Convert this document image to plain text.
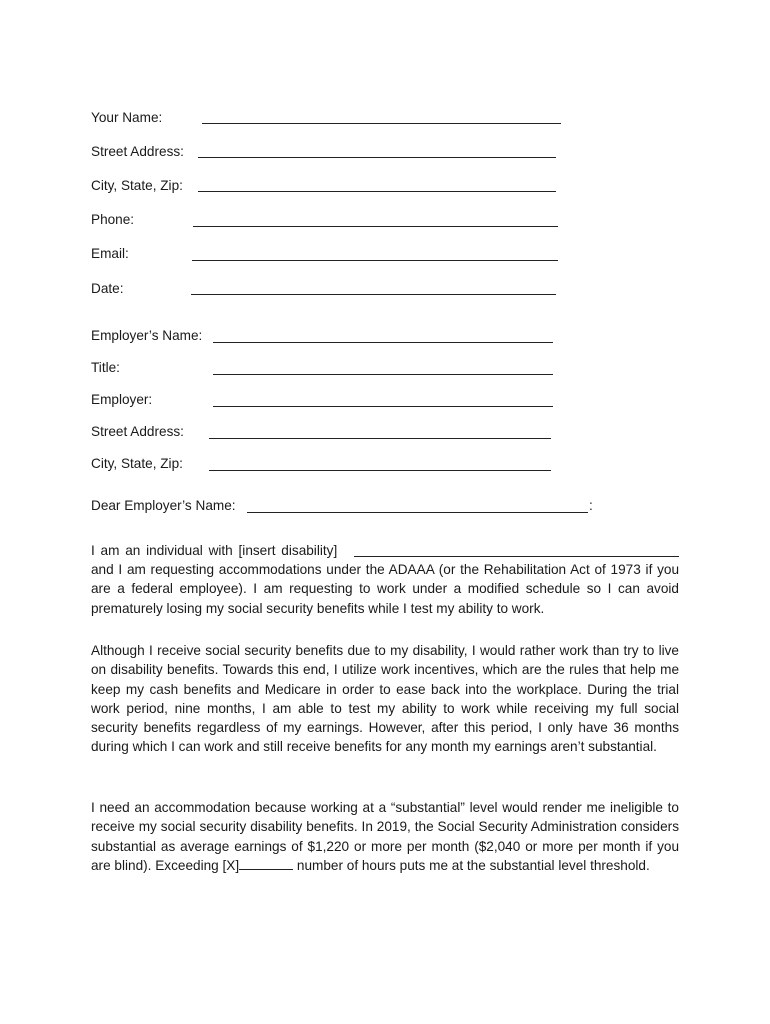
Your Name:
Street Address:
City, State, Zip:
Phone:
Email:
Date:
Employer’s Name:
Title:
Employer:
Street Address:
City, State, Zip:
Dear Employer’s Name:	:
I am an individual with [insert disability]

and I am requesting accommodations under the ADAAA (or the Rehabilitation Act of 1973 if you are a federal employee). I am requesting to work under a modified schedule so I can avoid prematurely losing my social security benefits while I test my ability to work.

Although I receive social security benefits due to my disability, I would rather work than try to live on disability benefits. Towards this end, I utilize work incentives, which are the rules that help me keep my cash benefits and Medicare in order to ease back into the workplace. During the trial work period, nine months, I am able to test my ability to work while receiving my full social security benefits regardless of my earnings. However, after this period, I only have 36 months during which I can work and still receive benefits for any month my earnings aren’t substantial.

I need an accommodation because working at a “substantial” level would render me ineligible to receive my social security disability benefits. In 2019, the Social Security Administration considers substantial as average earnings of $1,220 or more per month ($2,040 or more per month if you are blind). Exceeding [X]	number of hours puts me at the substantial level threshold.
